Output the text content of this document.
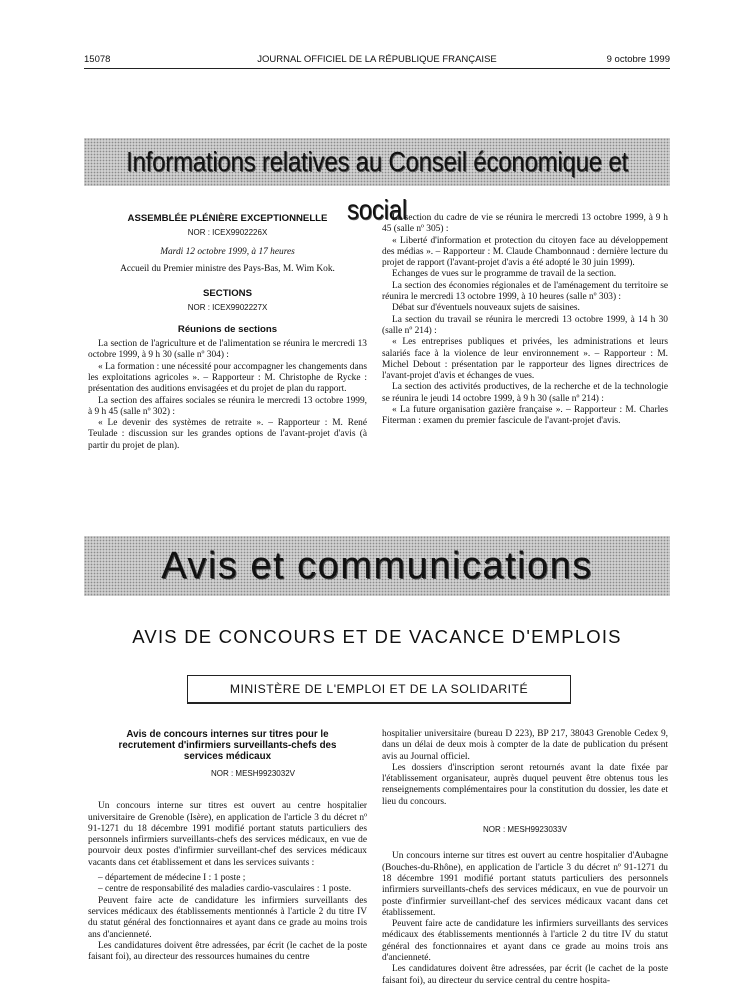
JOURNAL OFFICIEL DE LA RÉPUBLIQUE FRANÇAISE
15078	9 octobre 1999
Informations relatives au Conseil économique et social
ASSEMBLÉE PLÉNIÈRE EXCEPTIONNELLE
NOR : ICEX9902226X
Mardi 12 octobre 1999, à 17 heures

Accueil du Premier ministre des Pays-Bas, M. Wim Kok.

SECTIONS
NOR : ICEX9902227X
Réunions de sections

La section de l'agriculture et de l'alimentation se réunira le mercredi 13 octobre 1999, à 9 h 30 (salle nº 304) :

« La formation : une nécessité pour accompagner les changements dans les exploitations agricoles ». – Rapporteur : M. Christophe de Rycke : présentation des auditions envisagées et du projet de plan du rapport.

La section des affaires sociales se réunira le mercredi 13 octobre 1999, à 9 h 45 (salle nº 302) :

« Le devenir des systèmes de retraite ». – Rapporteur : M. René Teulade : discussion sur les grandes options de l'avant-projet d'avis (à partir du projet de plan).

La section du cadre de vie se réunira le mercredi 13 octobre 1999, à 9 h 45 (salle nº 305) :

« Liberté d'information et protection du citoyen face au développement des médias ». – Rapporteur : M. Claude Chambonnaud : dernière lecture du projet de rapport (l'avant-projet d'avis a été adopté le 30 juin 1999).

Echanges de vues sur le programme de travail de la section.

La section des économies régionales et de l'aménagement du territoire se réunira le mercredi 13 octobre 1999, à 10 heures (salle nº 303) :

Débat sur d'éventuels nouveaux sujets de saisines.

La section du travail se réunira le mercredi 13 octobre 1999, à 14 h 30 (salle nº 214) :

« Les entreprises publiques et privées, les administrations et leurs salariés face à la violence de leur environnement ». – Rapporteur : M. Michel Debout : présentation par le rapporteur des lignes directrices de l'avant-projet d'avis et échanges de vues.

La section des activités productives, de la recherche et de la technologie se réunira le jeudi 14 octobre 1999, à 9 h 30 (salle nº 214) :

« La future organisation gazière française ». – Rapporteur : M. Charles Fiterman : examen du premier fascicule de l'avant-projet d'avis.

Avis et communications
AVIS DE CONCOURS ET DE VACANCE D'EMPLOIS
MINISTÈRE DE L'EMPLOI ET DE LA SOLIDARITÉ
Avis de concours internes sur titres pour le recrutement d'infirmiers surveillants-chefs des services médicaux
NOR : MESH9923032V

Un concours interne sur titres est ouvert au centre hospitalier universitaire de Grenoble (Isère), en application de l'article 3 du décret nº 91-1271 du 18 décembre 1991 modifié portant statuts particuliers des personnels infirmiers surveillants-chefs des services médicaux, en vue de pourvoir deux postes d'infirmier surveillant-chef des services médicaux vacants dans cet établissement et dans les services suivants :

– département de médecine I : 1 poste ;

– centre de responsabilité des maladies cardio-vasculaires : 1 poste.

Peuvent faire acte de candidature les infirmiers surveillants des services médicaux des établissements mentionnés à l'article 2 du titre IV du statut général des fonctionnaires et ayant dans ce grade au moins trois ans d'ancienneté.

Les candidatures doivent être adressées, par écrit (le cachet de la poste faisant foi), au directeur des ressources humaines du centre

hospitalier universitaire (bureau D 223), BP 217, 38043 Grenoble Cedex 9, dans un délai de deux mois à compter de la date de publication du présent avis au Journal officiel.

Les dossiers d'inscription seront retournés avant la date fixée par l'établissement organisateur, auprès duquel peuvent être obtenus tous les renseignements complémentaires pour la constitution du dossier, les date et lieu du concours.

NOR : MESH9923033V

Un concours interne sur titres est ouvert au centre hospitalier d'Aubagne (Bouches-du-Rhône), en application de l'article 3 du décret nº 91-1271 du 18 décembre 1991 modifié portant statuts particuliers des personnels infirmiers surveillants-chefs des services médicaux, en vue de pourvoir un poste d'infirmier surveillant-chef des services médicaux vacant dans cet établissement.

Peuvent faire acte de candidature les infirmiers surveillants des services médicaux des établissements mentionnés à l'article 2 du titre IV du statut général des fonctionnaires et ayant dans ce grade au moins trois ans d'ancienneté.

Les candidatures doivent être adressées, par écrit (le cachet de la poste faisant foi), au directeur du service central du centre hospita-
